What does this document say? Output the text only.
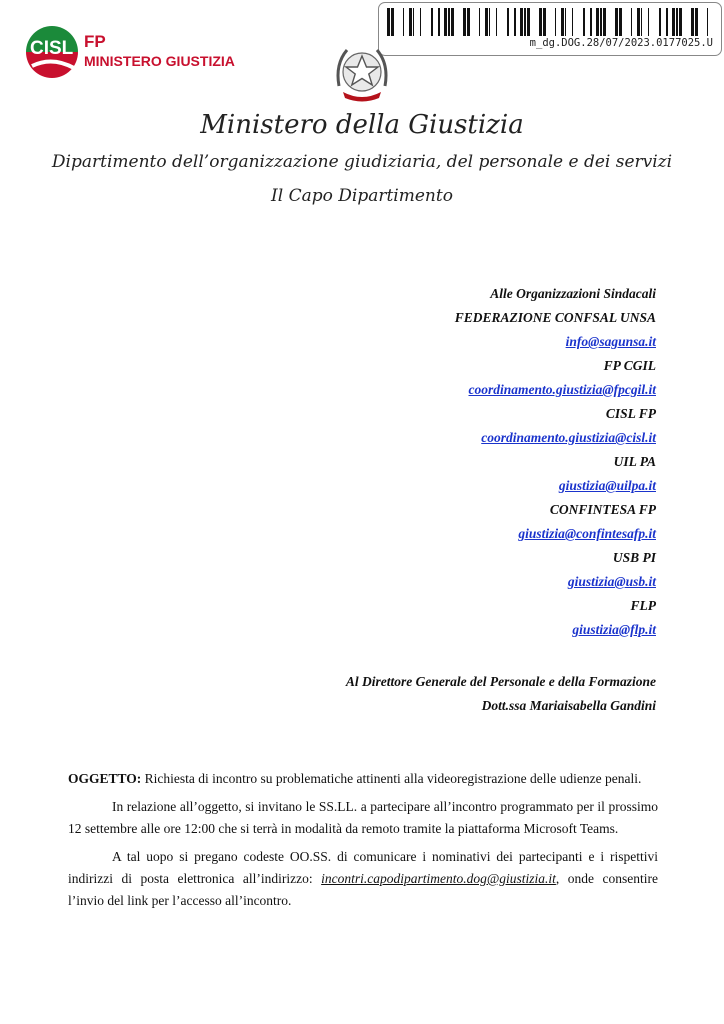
CISL FP
MINISTERO GIUSTIZIA
m_dg.DOG.28/07/2023.0177025.U
Ministero della Giustizia
Dipartimento dell’organizzazione giudiziaria, del personale e dei servizi
Il Capo Dipartimento
Alle Organizzazioni Sindacali
FEDERAZIONE CONFSAL UNSA
info@sagunsa.it
FP CGIL
coordinamento.giustizia@fpcgil.it
CISL FP
coordinamento.giustizia@cisl.it
UIL PA
giustizia@uilpa.it
CONFINTESA FP
giustizia@confintesafp.it
USB PI
giustizia@usb.it
FLP
giustizia@flp.it
Al Direttore Generale del Personale e della Formazione
Dott.ssa Mariaisabella Gandini

OGGETTO: Richiesta di incontro su problematiche attinenti alla videoregistrazione delle udienze penali.

In relazione all’oggetto, si invitano le SS.LL. a partecipare all’incontro programmato per il prossimo 12 settembre alle ore 12:00 che si terrà in modalità da remoto tramite la piattaforma Microsoft Teams.

A tal uopo si pregano codeste OO.SS. di comunicare i nominativi dei partecipanti e i rispettivi indirizzi di posta elettronica all’indirizzo: incontri.capodipartimento.dog@giustizia.it, onde consentire l’invio del link per l’accesso all’incontro.
